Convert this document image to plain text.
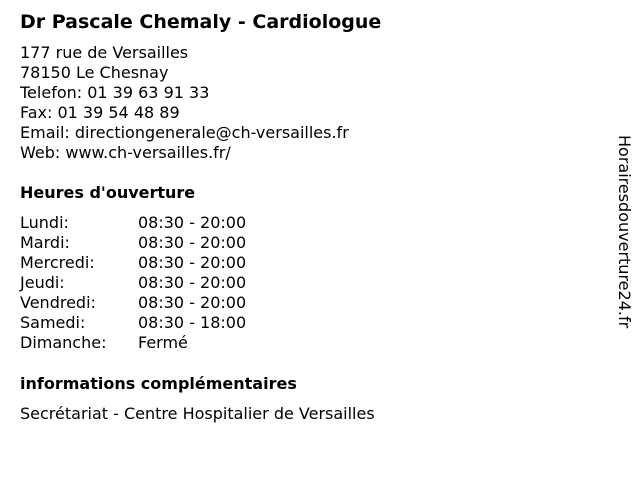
Dr Pascale Chemaly - Cardiologue
177 rue de Versailles
78150 Le Chesnay
Telefon: 01 39 63 91 33
Fax: 01 39 54 48 89
Email: directiongenerale@ch-versailles.fr
Web: www.ch-versailles.fr/
Heures d'ouverture
Lundi:	08:30 - 20:00
Mardi:	08:30 - 20:00
Mercredi:	08:30 - 20:00
Jeudi:	08:30 - 20:00
Vendredi:	08:30 - 20:00
Samedi:	08:30 - 18:00
Dimanche:	Fermé
informations complémentaires
Secrétariat - Centre Hospitalier de Versailles
Horairesdouverture24.fr
